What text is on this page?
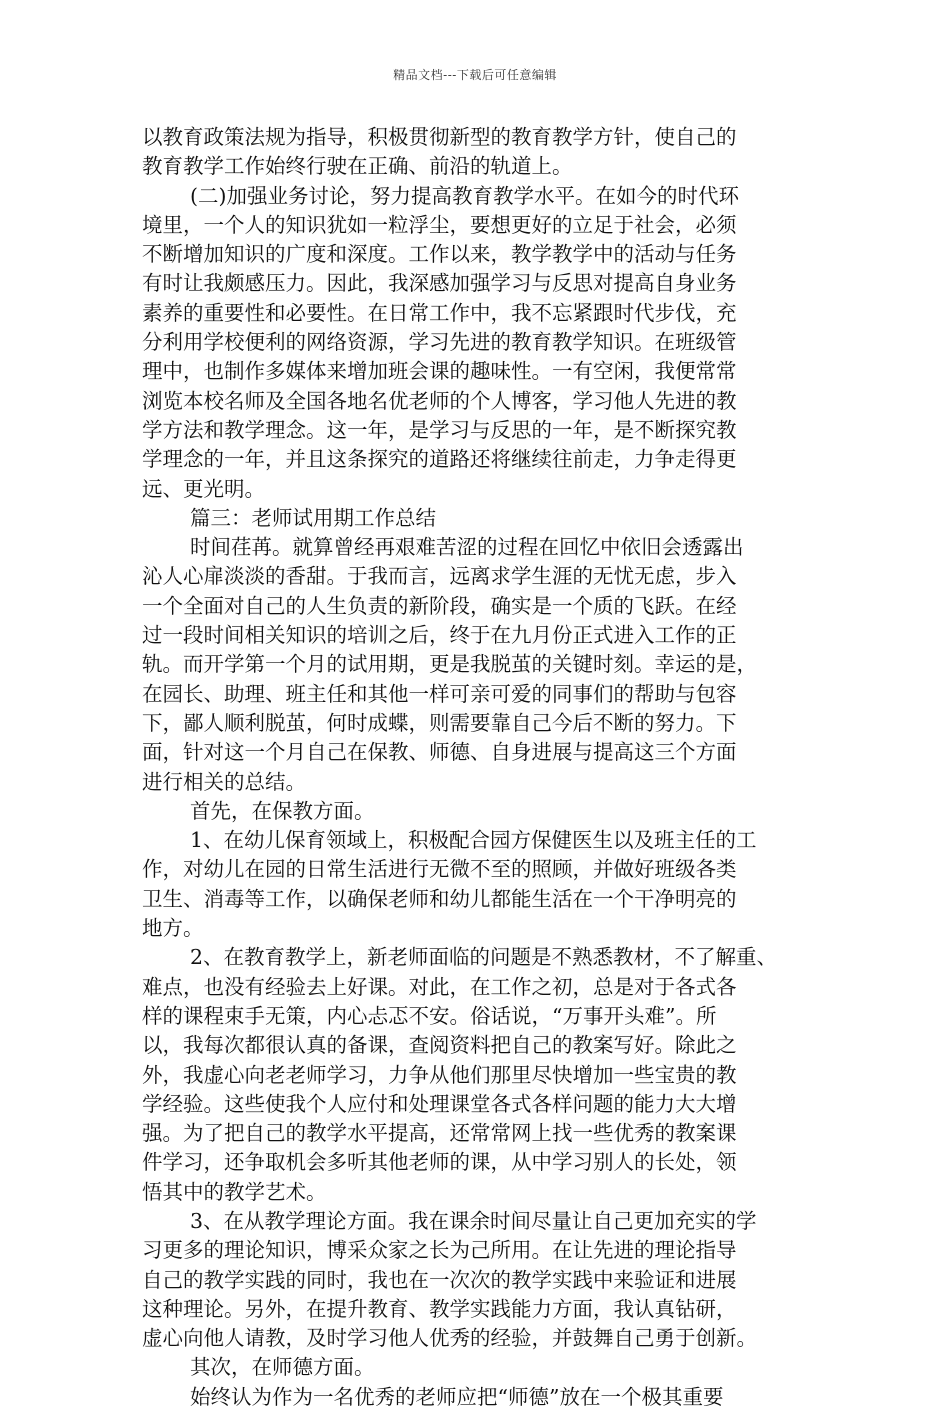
精品文档---下载后可任意编辑
以教育政策法规为指导，积极贯彻新型的教育教学方针，使自己的
教育教学工作始终行驶在正确、前沿的轨道上。
(二)加强业务讨论，努力提高教育教学水平。在如今的时代环
境里，一个人的知识犹如一粒浮尘，要想更好的立足于社会，必须
不断增加知识的广度和深度。工作以来，教学教学中的活动与任务
有时让我颇感压力。因此，我深感加强学习与反思对提高自身业务
素养的重要性和必要性。在日常工作中，我不忘紧跟时代步伐，充
分利用学校便利的网络资源，学习先进的教育教学知识。在班级管
理中，也制作多媒体来增加班会课的趣味性。一有空闲，我便常常
浏览本校名师及全国各地名优老师的个人博客，学习他人先进的教
学方法和教学理念。这一年，是学习与反思的一年，是不断探究教
学理念的一年，并且这条探究的道路还将继续往前走，力争走得更
远、更光明。
篇三：老师试用期工作总结
时间荏苒。就算曾经再艰难苦涩的过程在回忆中依旧会透露出
沁人心扉淡淡的香甜。于我而言，远离求学生涯的无忧无虑，步入
一个全面对自己的人生负责的新阶段，确实是一个质的飞跃。在经
过一段时间相关知识的培训之后，终于在九月份正式进入工作的正
轨。而开学第一个月的试用期，更是我脱茧的关键时刻。幸运的是，
在园长、助理、班主任和其他一样可亲可爱的同事们的帮助与包容
下，鄙人顺利脱茧，何时成蝶，则需要靠自己今后不断的努力。下
面，针对这一个月自己在保教、师德、自身进展与提高这三个方面
进行相关的总结。
首先，在保教方面。
1、在幼儿保育领域上，积极配合园方保健医生以及班主任的工
作，对幼儿在园的日常生活进行无微不至的照顾，并做好班级各类
卫生、消毒等工作，以确保老师和幼儿都能生活在一个干净明亮的
地方。
2、在教育教学上，新老师面临的问题是不熟悉教材，不了解重、
难点，也没有经验去上好课。对此，在工作之初，总是对于各式各
样的课程束手无策，内心忐忑不安。俗话说，“万事开头难”。所
以，我每次都很认真的备课，查阅资料把自己的教案写好。除此之
外，我虚心向老老师学习，力争从他们那里尽快增加一些宝贵的教
学经验。这些使我个人应付和处理课堂各式各样问题的能力大大增
强。为了把自己的教学水平提高，还常常网上找一些优秀的教案课
件学习，还争取机会多听其他老师的课，从中学习别人的长处，领
悟其中的教学艺术。
3、在从教学理论方面。我在课余时间尽量让自己更加充实的学
习更多的理论知识，博采众家之长为己所用。在让先进的理论指导
自己的教学实践的同时，我也在一次次的教学实践中来验证和进展
这种理论。另外，在提升教育、教学实践能力方面，我认真钻研，
虚心向他人请教，及时学习他人优秀的经验，并鼓舞自己勇于创新。
其次，在师德方面。
始终认为作为一名优秀的老师应把“师德”放在一个极其重要
